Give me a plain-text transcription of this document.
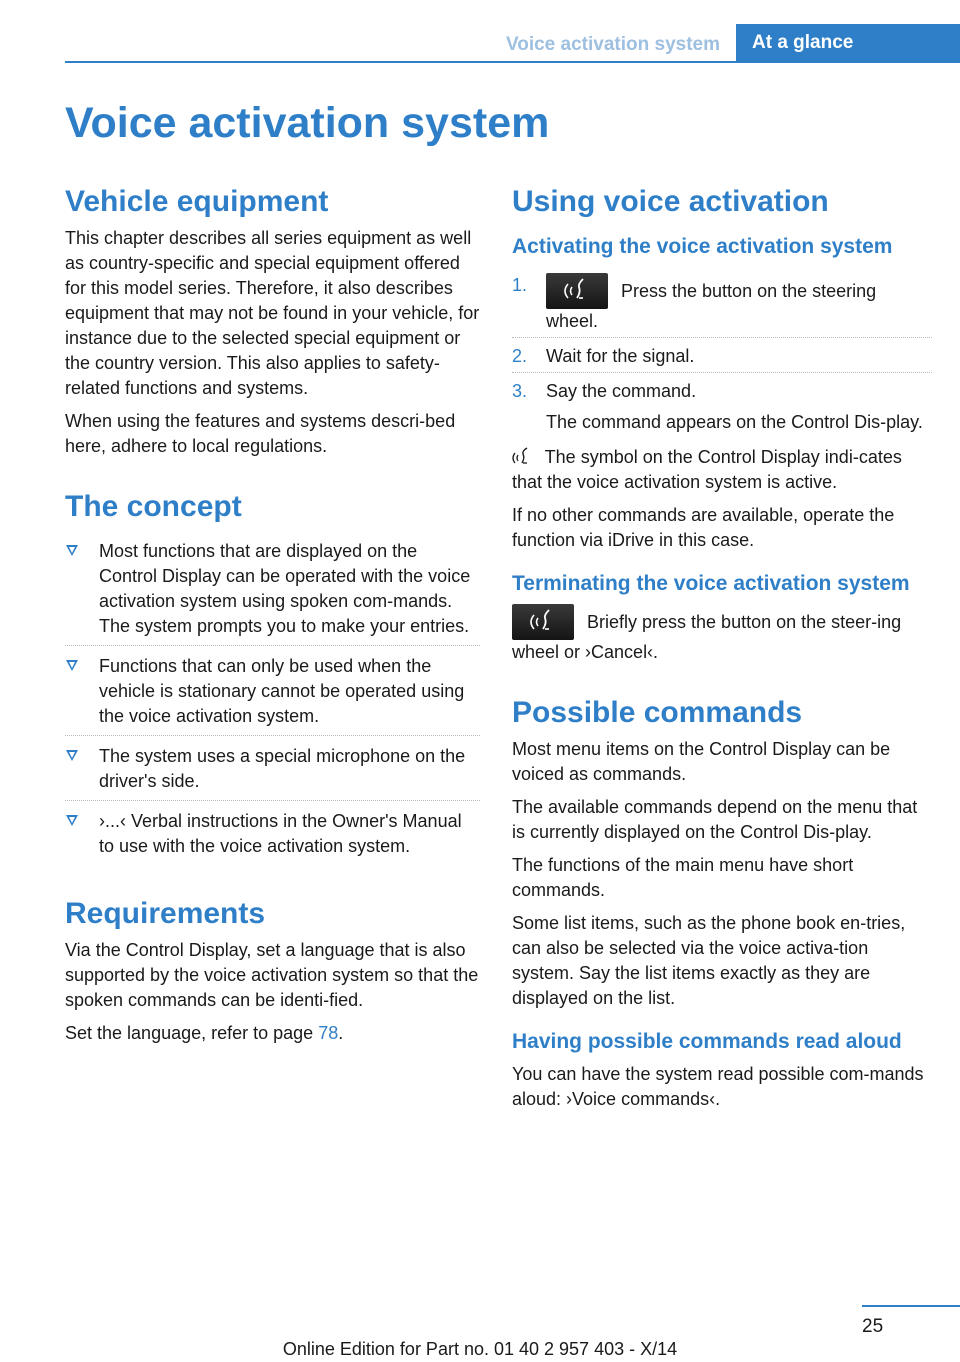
Voice activation system	At a glance
Voice activation system
Vehicle equipment

This chapter describes all series equipment as well as country-specific and special equipment offered for this model series. Therefore, it also describes equipment that may not be found in your vehicle, for instance due to the selected special equipment or the country version. This also applies to safety-related functions and systems.

When using the features and systems descri‐bed here, adhere to local regulations.

The concept
Most functions that are displayed on the Control Display can be operated with the voice activation system using spoken com‐mands. The system prompts you to make your entries.
Functions that can only be used when the vehicle is stationary cannot be operated using the voice activation system.
The system uses a special microphone on the driver's side.
›...‹ Verbal instructions in the Owner's Manual to use with the voice activation system.
Requirements

Via the Control Display, set a language that is also supported by the voice activation system so that the spoken commands can be identi‐fied.

Set the language, refer to page 78.

Using voice activation
Activating the voice activation system
1.	Press the button on the steering wheel.
2. Wait for the signal.
3. Say the command.
The command appears on the Control Dis‐play.

The symbol on the Control Display indi‐cates that the voice activation system is active.

If no other commands are available, operate the function via iDrive in this case.

Terminating the voice activation system

Briefly press the button on the steer‐ing wheel or ›Cancel‹.

Possible commands

Most menu items on the Control Display can be voiced as commands.

The available commands depend on the menu that is currently displayed on the Control Dis‐play.

The functions of the main menu have short commands.

Some list items, such as the phone book en‐tries, can also be selected via the voice activa‐tion system. Say the list items exactly as they are displayed on the list.

Having possible commands read aloud

You can have the system read possible com‐mands aloud: ›Voice commands‹.

25
Online Edition for Part no. 01 40 2 957 403 - X/14
